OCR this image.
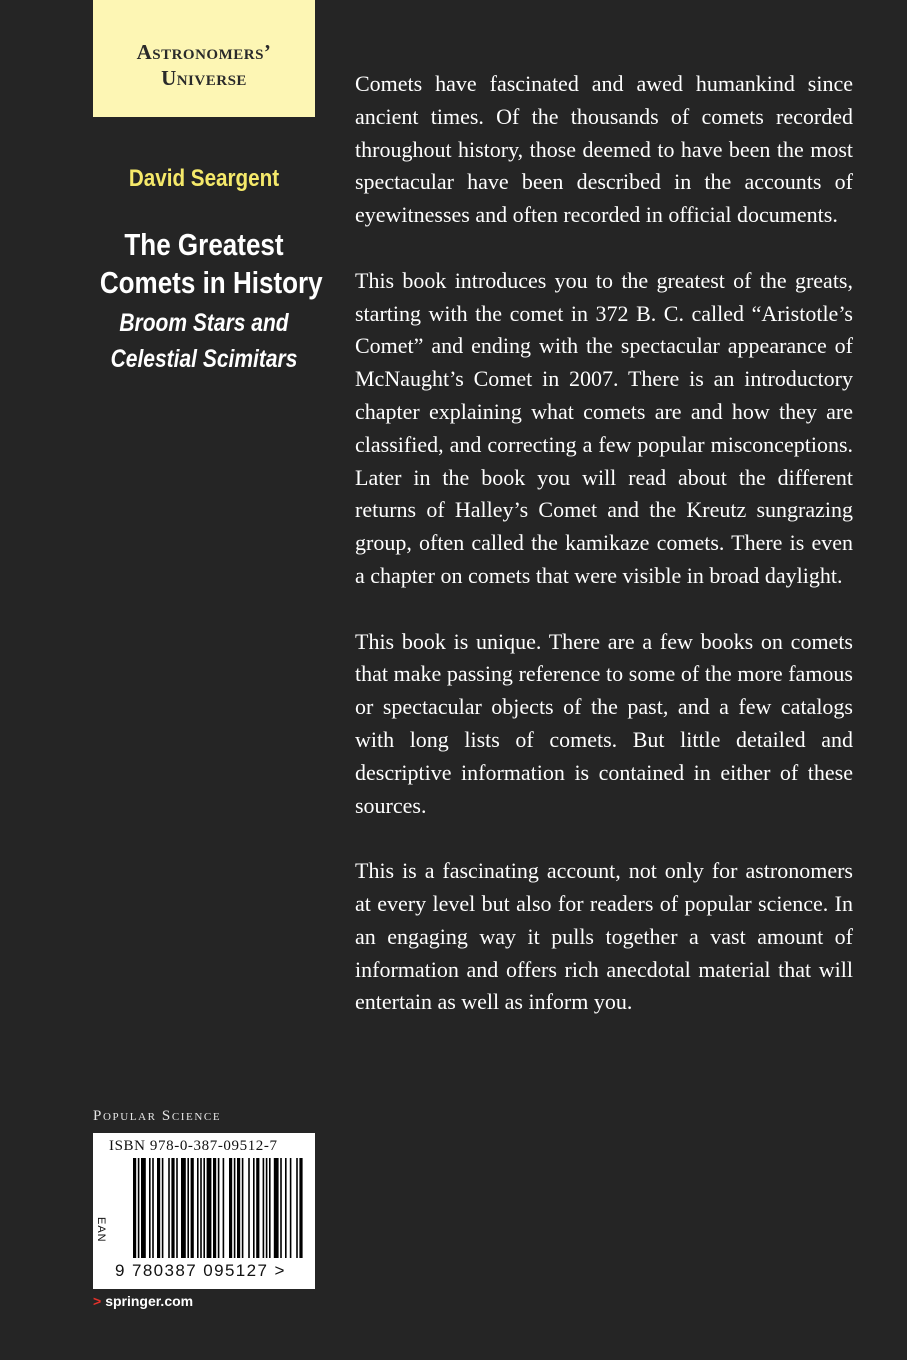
Astronomers’
Universe
David Seargent
The Greatest
Comets in History
Broom Stars and
Celestial Scimitars

Comets have fascinated and awed humankind since ancient times. Of the thousands of comets recorded throughout history, those deemed to have been the most spectacular have been described in the accounts of eyewitnesses and often recorded in official documents.

This book introduces you to the greatest of the greats, starting with the comet in 372 B. C. called “Aristotle’s Comet” and ending with the spectacular appearance of McNaught’s Comet in 2007. There is an introductory chapter explaining what comets are and how they are classified, and correcting a few popular misconceptions. Later in the book you will read about the different returns of Halley’s Comet and the Kreutz sungrazing group, often called the kamikaze comets. There is even a chapter on comets that were visible in broad daylight.

This book is unique. There are a few books on comets that make passing reference to some of the more famous or spectacular objects of the past, and a few catalogs with long lists of comets. But little detailed and descriptive information is contained in either of these sources.

This is a fascinating account, not only for astronomers at every level but also for readers of popular science. In an engaging way it pulls together a vast amount of information and offers rich anecdotal material that will entertain as well as inform you.

Popular Science
ISBN 978-0-387-09512-7
EAN
9 780387 095127 >
> springer.com
